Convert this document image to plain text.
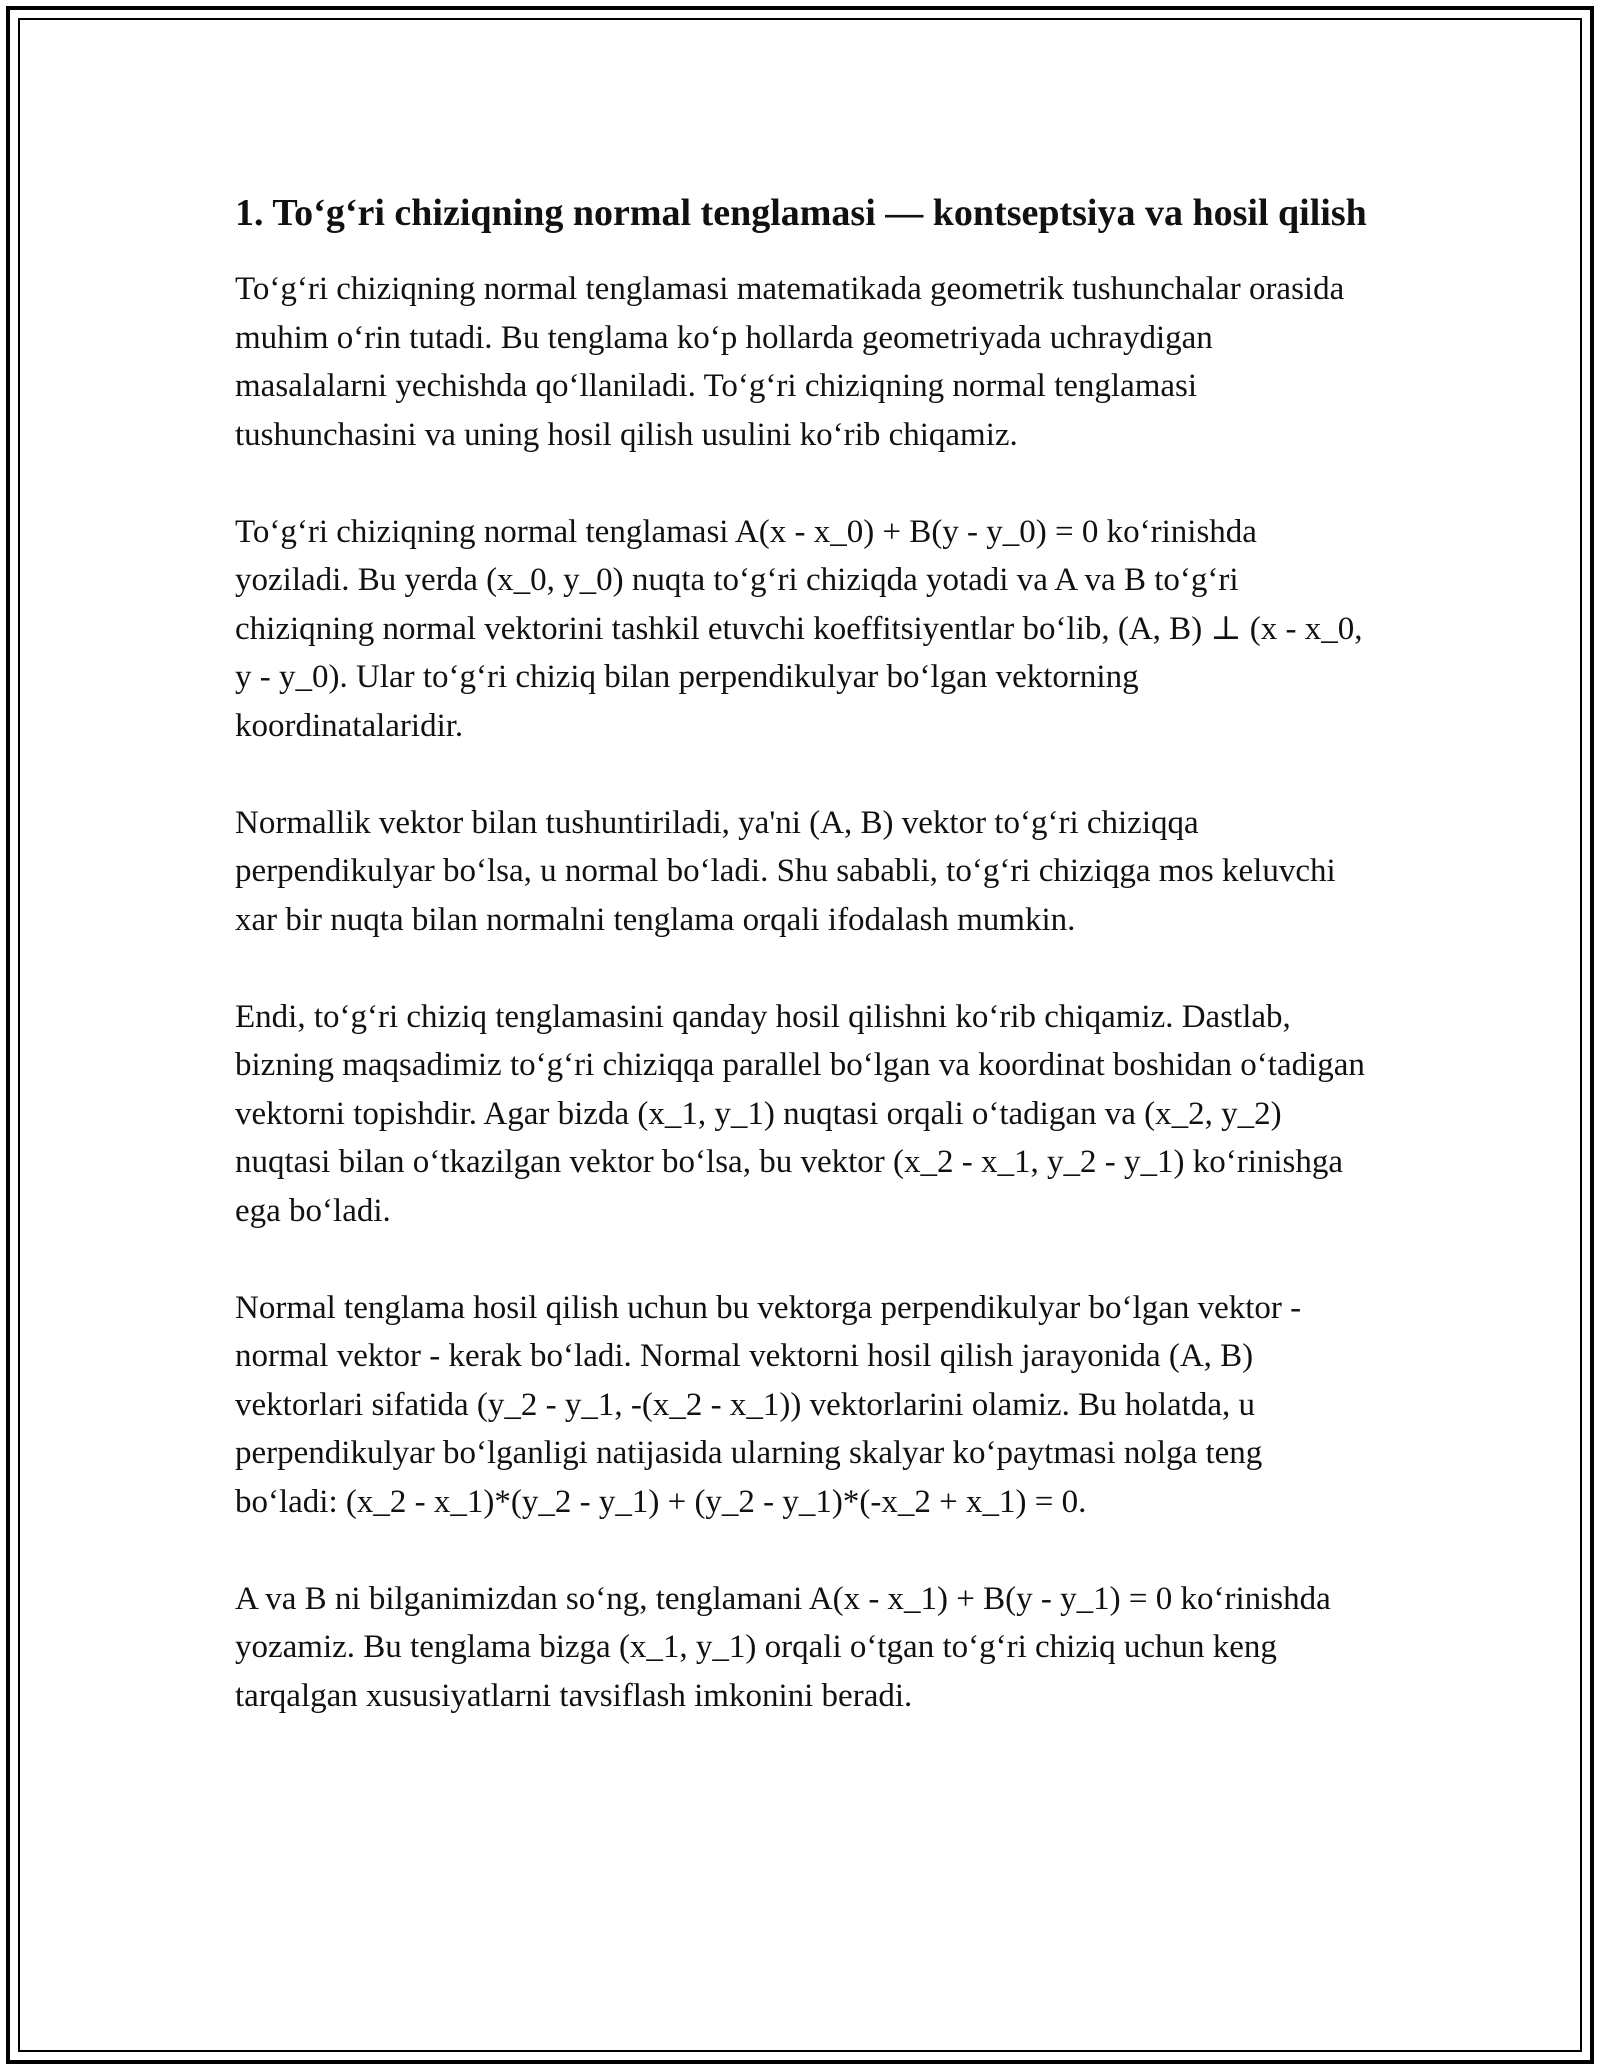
1. To‘g‘ri chiziqning normal tenglamasi — kontseptsiya va hosil qilish

To‘g‘ri chiziqning normal tenglamasi matematikada geometrik tushunchalar orasida muhim o‘rin tutadi. Bu tenglama ko‘p hollarda geometriyada uchraydigan masalalarni yechishda qo‘llaniladi. To‘g‘ri chiziqning normal tenglamasi tushunchasini va uning hosil qilish usulini ko‘rib chiqamiz.

To‘g‘ri chiziqning normal tenglamasi A(x - x_0) + B(y - y_0) = 0 ko‘rinishda yoziladi. Bu yerda (x_0, y_0) nuqta to‘g‘ri chiziqda yotadi va A va B to‘g‘ri chiziqning normal vektorini tashkil etuvchi koeffitsiyentlar bo‘lib, (A, B) ⊥ (x - x_0, y - y_0). Ular to‘g‘ri chiziq bilan perpendikulyar bo‘lgan vektorning koordinatalaridir.

Normallik vektor bilan tushuntiriladi, ya'ni (A, B) vektor to‘g‘ri chiziqqa perpendikulyar bo‘lsa, u normal bo‘ladi. Shu sababli, to‘g‘ri chiziqga mos keluvchi xar bir nuqta bilan normalni tenglama orqali ifodalash mumkin.

Endi, to‘g‘ri chiziq tenglamasini qanday hosil qilishni ko‘rib chiqamiz. Dastlab, bizning maqsadimiz to‘g‘ri chiziqqa parallel bo‘lgan va koordinat boshidan o‘tadigan vektorni topishdir. Agar bizda (x_1, y_1) nuqtasi orqali o‘tadigan va (x_2, y_2) nuqtasi bilan o‘tkazilgan vektor bo‘lsa, bu vektor (x_2 - x_1, y_2 - y_1) ko‘rinishga ega bo‘ladi.

Normal tenglama hosil qilish uchun bu vektorga perpendikulyar bo‘lgan vektor - normal vektor - kerak bo‘ladi. Normal vektorni hosil qilish jarayonida (A, B) vektorlari sifatida (y_2 - y_1, -(x_2 - x_1)) vektorlarini olamiz. Bu holatda, u perpendikulyar bo‘lganligi natijasida ularning skalyar ko‘paytmasi nolga teng bo‘ladi: (x_2 - x_1)*(y_2 - y_1) + (y_2 - y_1)*(-x_2 + x_1) = 0.

A va B ni bilganimizdan so‘ng, tenglamani A(x - x_1) + B(y - y_1) = 0 ko‘rinishda yozamiz. Bu tenglama bizga (x_1, y_1) orqali o‘tgan to‘g‘ri chiziq uchun keng tarqalgan xususiyatlarni tavsiflash imkonini beradi.
